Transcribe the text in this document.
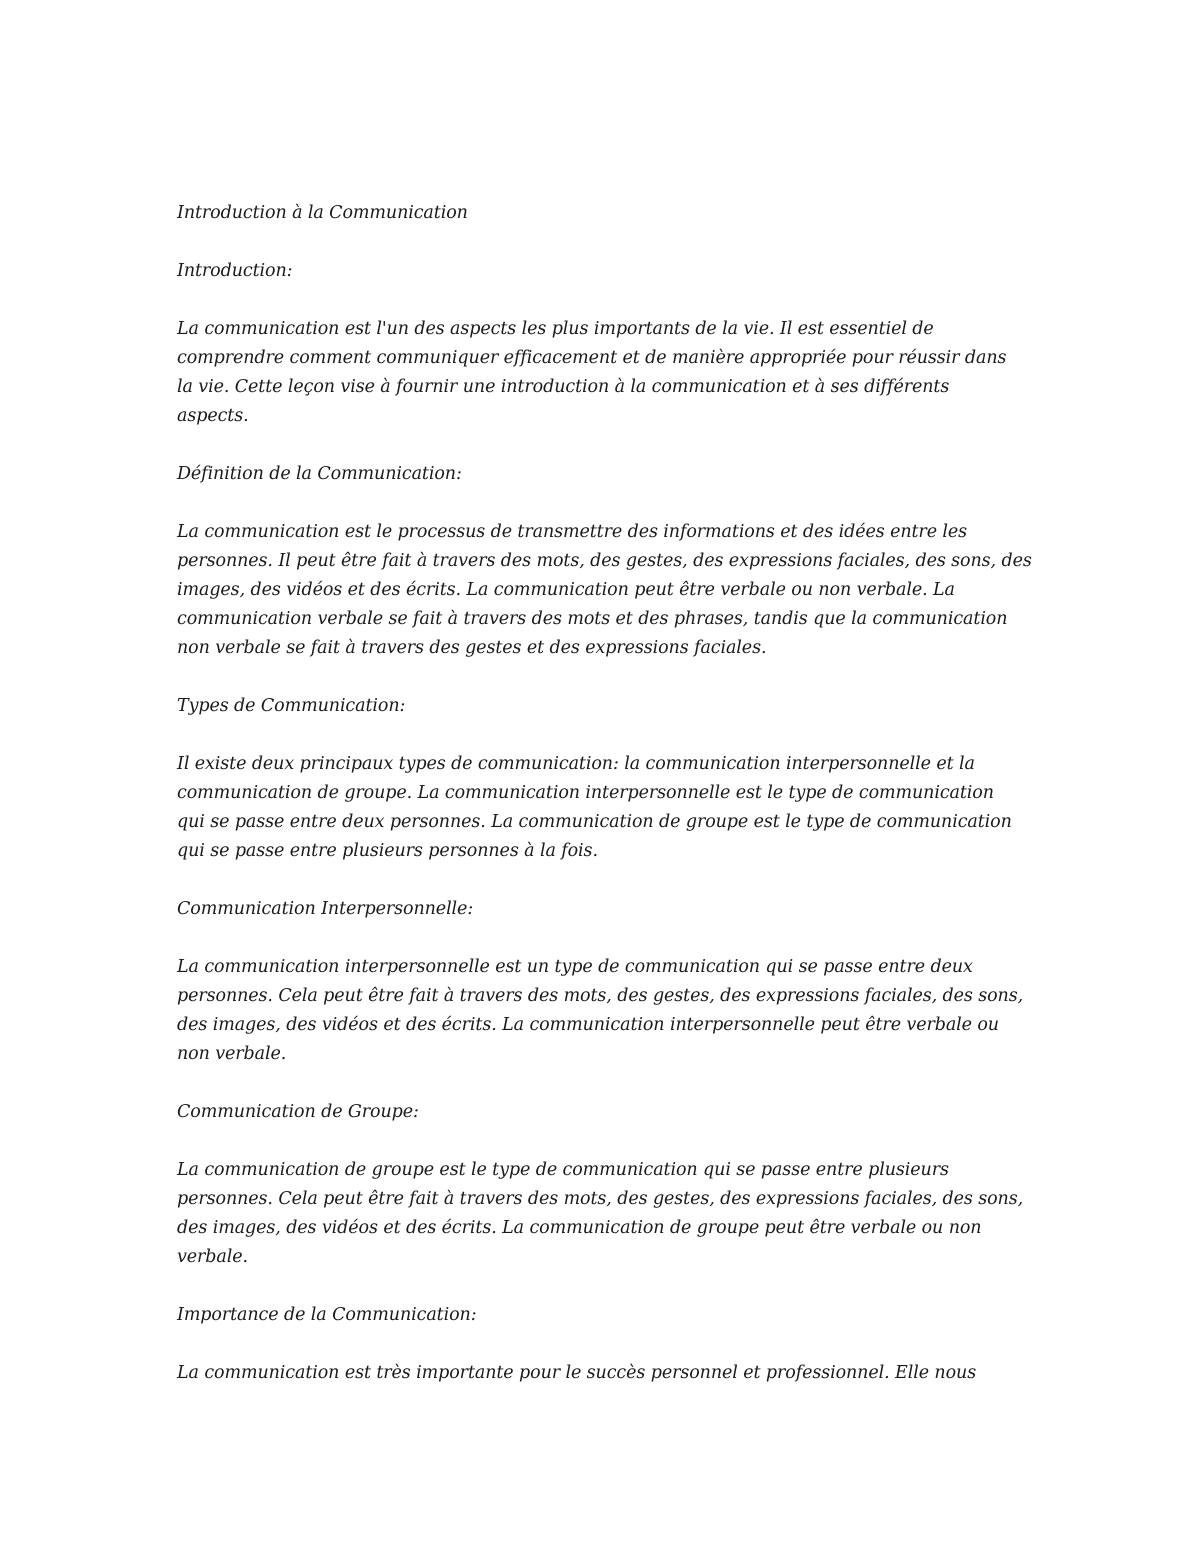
Introduction à la Communication
Introduction:
La communication est l'un des aspects les plus importants de la vie. Il est essentiel de
comprendre comment communiquer efficacement et de manière appropriée pour réussir dans
la vie. Cette leçon vise à fournir une introduction à la communication et à ses différents
aspects.
Définition de la Communication:
La communication est le processus de transmettre des informations et des idées entre les
personnes. Il peut être fait à travers des mots, des gestes, des expressions faciales, des sons, des
images, des vidéos et des écrits. La communication peut être verbale ou non verbale. La
communication verbale se fait à travers des mots et des phrases, tandis que la communication
non verbale se fait à travers des gestes et des expressions faciales.
Types de Communication:
Il existe deux principaux types de communication: la communication interpersonnelle et la
communication de groupe. La communication interpersonnelle est le type de communication
qui se passe entre deux personnes. La communication de groupe est le type de communication
qui se passe entre plusieurs personnes à la fois.
Communication Interpersonnelle:
La communication interpersonnelle est un type de communication qui se passe entre deux
personnes. Cela peut être fait à travers des mots, des gestes, des expressions faciales, des sons,
des images, des vidéos et des écrits. La communication interpersonnelle peut être verbale ou
non verbale.
Communication de Groupe:
La communication de groupe est le type de communication qui se passe entre plusieurs
personnes. Cela peut être fait à travers des mots, des gestes, des expressions faciales, des sons,
des images, des vidéos et des écrits. La communication de groupe peut être verbale ou non
verbale.
Importance de la Communication:
La communication est très importante pour le succès personnel et professionnel. Elle nous
